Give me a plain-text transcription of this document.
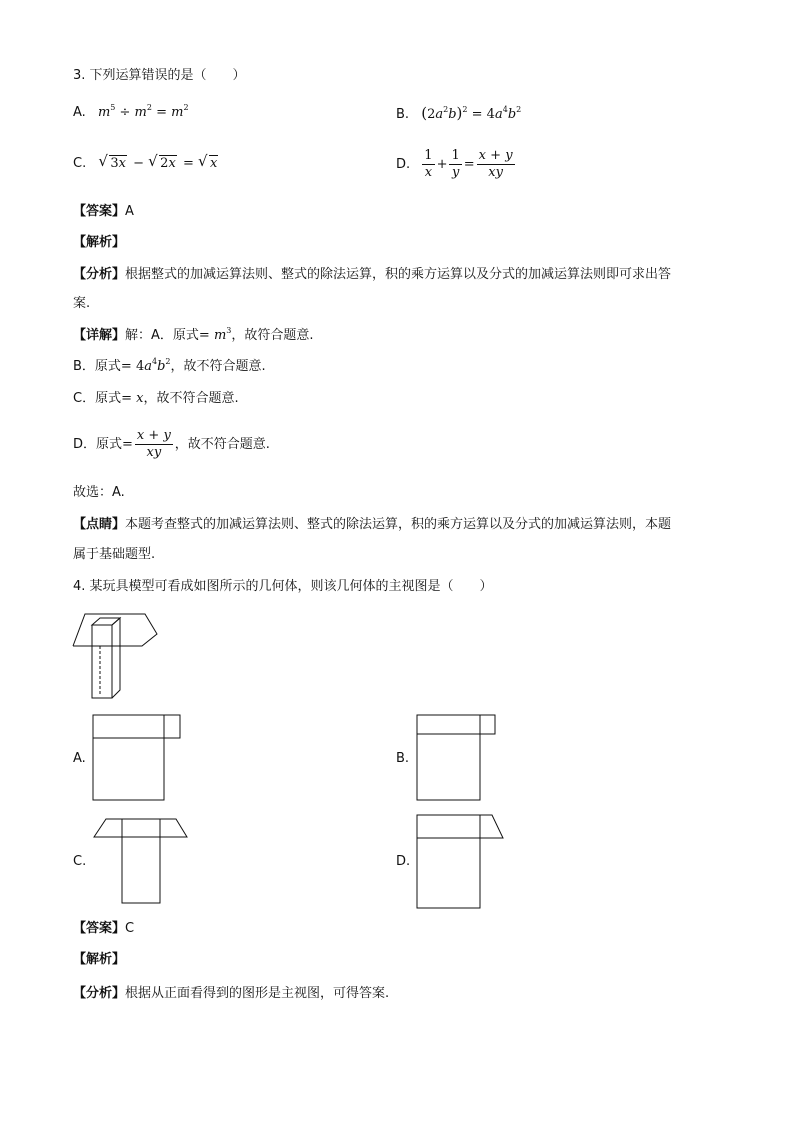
3. 下列运算错误的是（　　）
A. $m^5 \div m^2 = m^2$	B. $(2a^2b)^2 = 4a^4b^2$
C. √ 3x − √ 2x = √ x	D. $\frac{1}{x} + \frac{1}{y} = \frac{x + y}{xy}$
【答案】A
【解析】
【分析】根据整式的加减运算法则、整式的除法运算，积的乘方运算以及分式的加减运算法则即可求出答
案.
【详解】解：A．原式= $m^3$，故符合题意.
B．原式= $4a^4b^2$，故不符合题意.
C．原式= x，故不符合题意.
D．原式= $\frac{x + y}{xy}$ ，故不符合题意.
故选：A.
【点睛】本题考查整式的加减运算法则、整式的除法运算，积的乘方运算以及分式的加减运算法则，本题
属于基础题型.
4. 某玩具模型可看成如图所示的几何体，则该几何体的主视图是（　　）
A.	B.
C.	D.
【答案】C
【解析】
【分析】根据从正面看得到的图形是主视图，可得答案.
